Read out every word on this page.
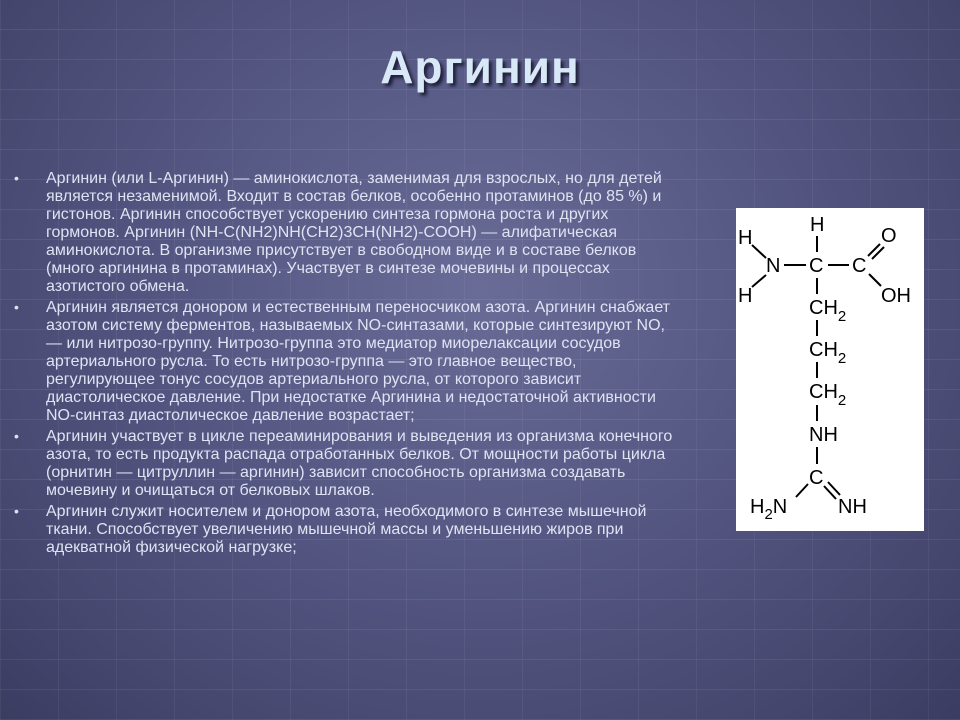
Аргинин
• Аргинин (или L-Аргинин) — аминокислота, заменимая для взрослых, но для детей является незаменимой. Входит в состав белков, особенно протаминов (до 85 %) и гистонов. Аргинин способствует ускорению синтеза гормона роста и других гормонов. Аргинин (NH-C(NH2)NH(CH2)3CH(NH2)-COOH) — алифатическая аминокислота. В организме присутствует в свободном виде и в составе белков (много аргинина в протаминах). Участвует в синтезе мочевины и процессах азотистого обмена.
• Аргинин является донором и естественным переносчиком азота. Аргинин снабжает азотом систему ферментов, называемых NO-синтазами, которые синтезируют NO, — или нитрозо-группу. Нитрозо-группа это медиатор миорелаксации сосудов артериального русла. То есть нитрозо-группа — это главное вещество, регулирующее тонус сосудов артериального русла, от которого зависит диастолическое давление. При недостатке Аргинина и недостаточной активности NO-синтаз диастолическое давление возрастает;
• Аргинин участвует в цикле переаминирования и выведения из организма конечного азота, то есть продукта распада отработанных белков. От мощности работы цикла (орнитин — цитруллин — аргинин) зависит способность организма создавать мочевину и очищаться от белковых шлаков.
• Аргинин служит носителем и донором азота, необходимого в синтезе мышечной ткани. Способствует увеличению мышечной массы и уменьшению жиров при адекватной физической нагрузке;
H
H
N
H
C C
O
OH
$CH_2$
$CH_2$
$CH_2$
NH
C
$H_2N$	NH
